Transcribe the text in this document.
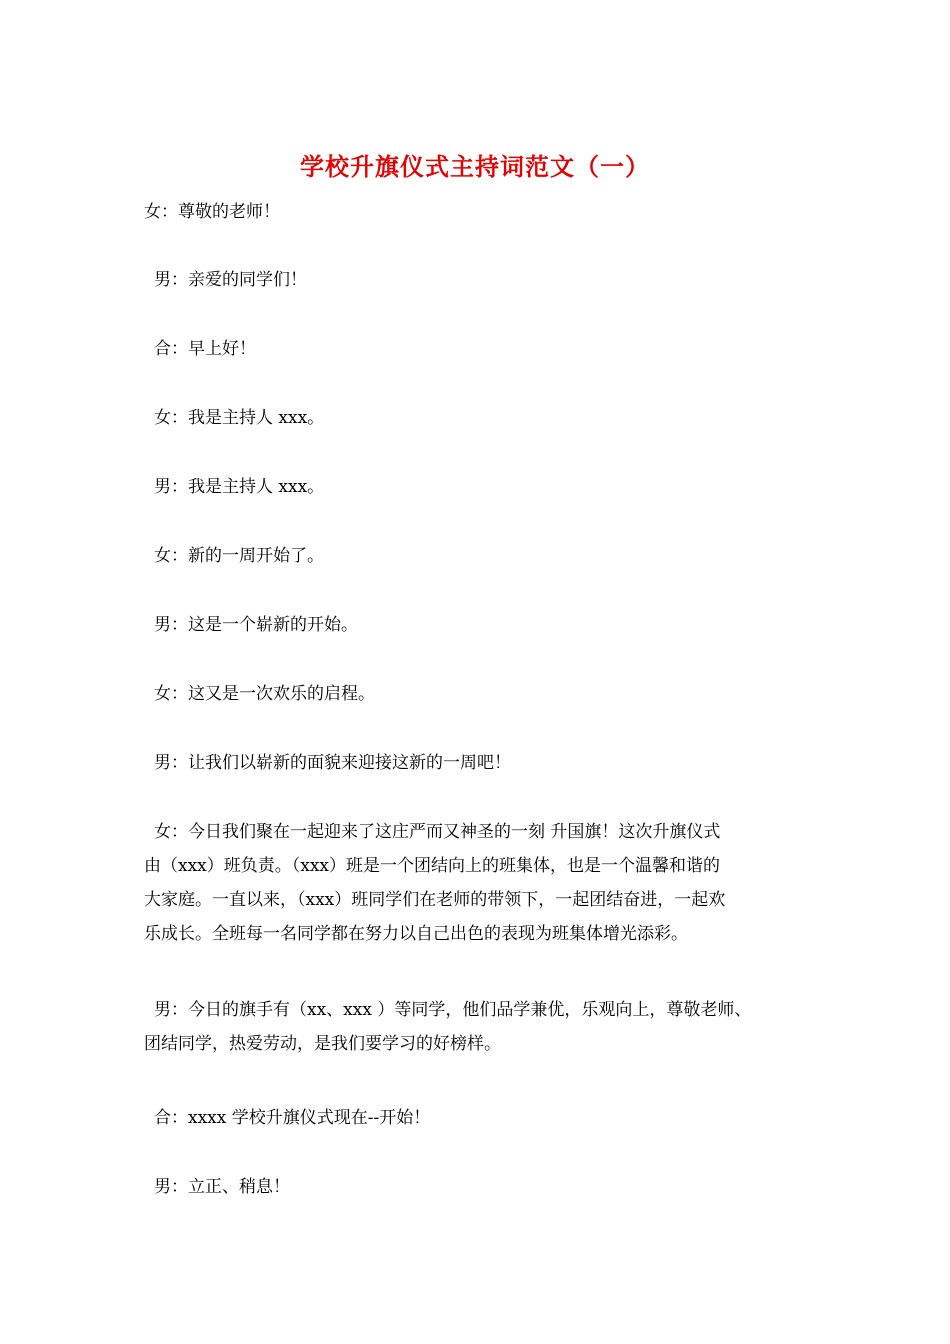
学校升旗仪式主持词范文（一）
女：尊敬的老师！
男：亲爱的同学们！
合：早上好！
女：我是主持人 xxx。
男：我是主持人 xxx。
女：新的一周开始了。
男：这是一个崭新的开始。
女：这又是一次欢乐的启程。
男：让我们以崭新的面貌来迎接这新的一周吧！
女：今日我们聚在一起迎来了这庄严而又神圣的一刻 升国旗！这次升旗仪式
由（xxx）班负责。（xxx）班是一个团结向上的班集体，也是一个温馨和谐的
大家庭。一直以来，（xxx）班同学们在老师的带领下，一起团结奋进，一起欢
乐成长。全班每一名同学都在努力以自己出色的表现为班集体增光添彩。
男：今日的旗手有（xx、xxx ）等同学，他们品学兼优，乐观向上，尊敬老师、
团结同学，热爱劳动，是我们要学习的好榜样。
合：xxxx 学校升旗仪式现在--开始！
男：立正、稍息！
